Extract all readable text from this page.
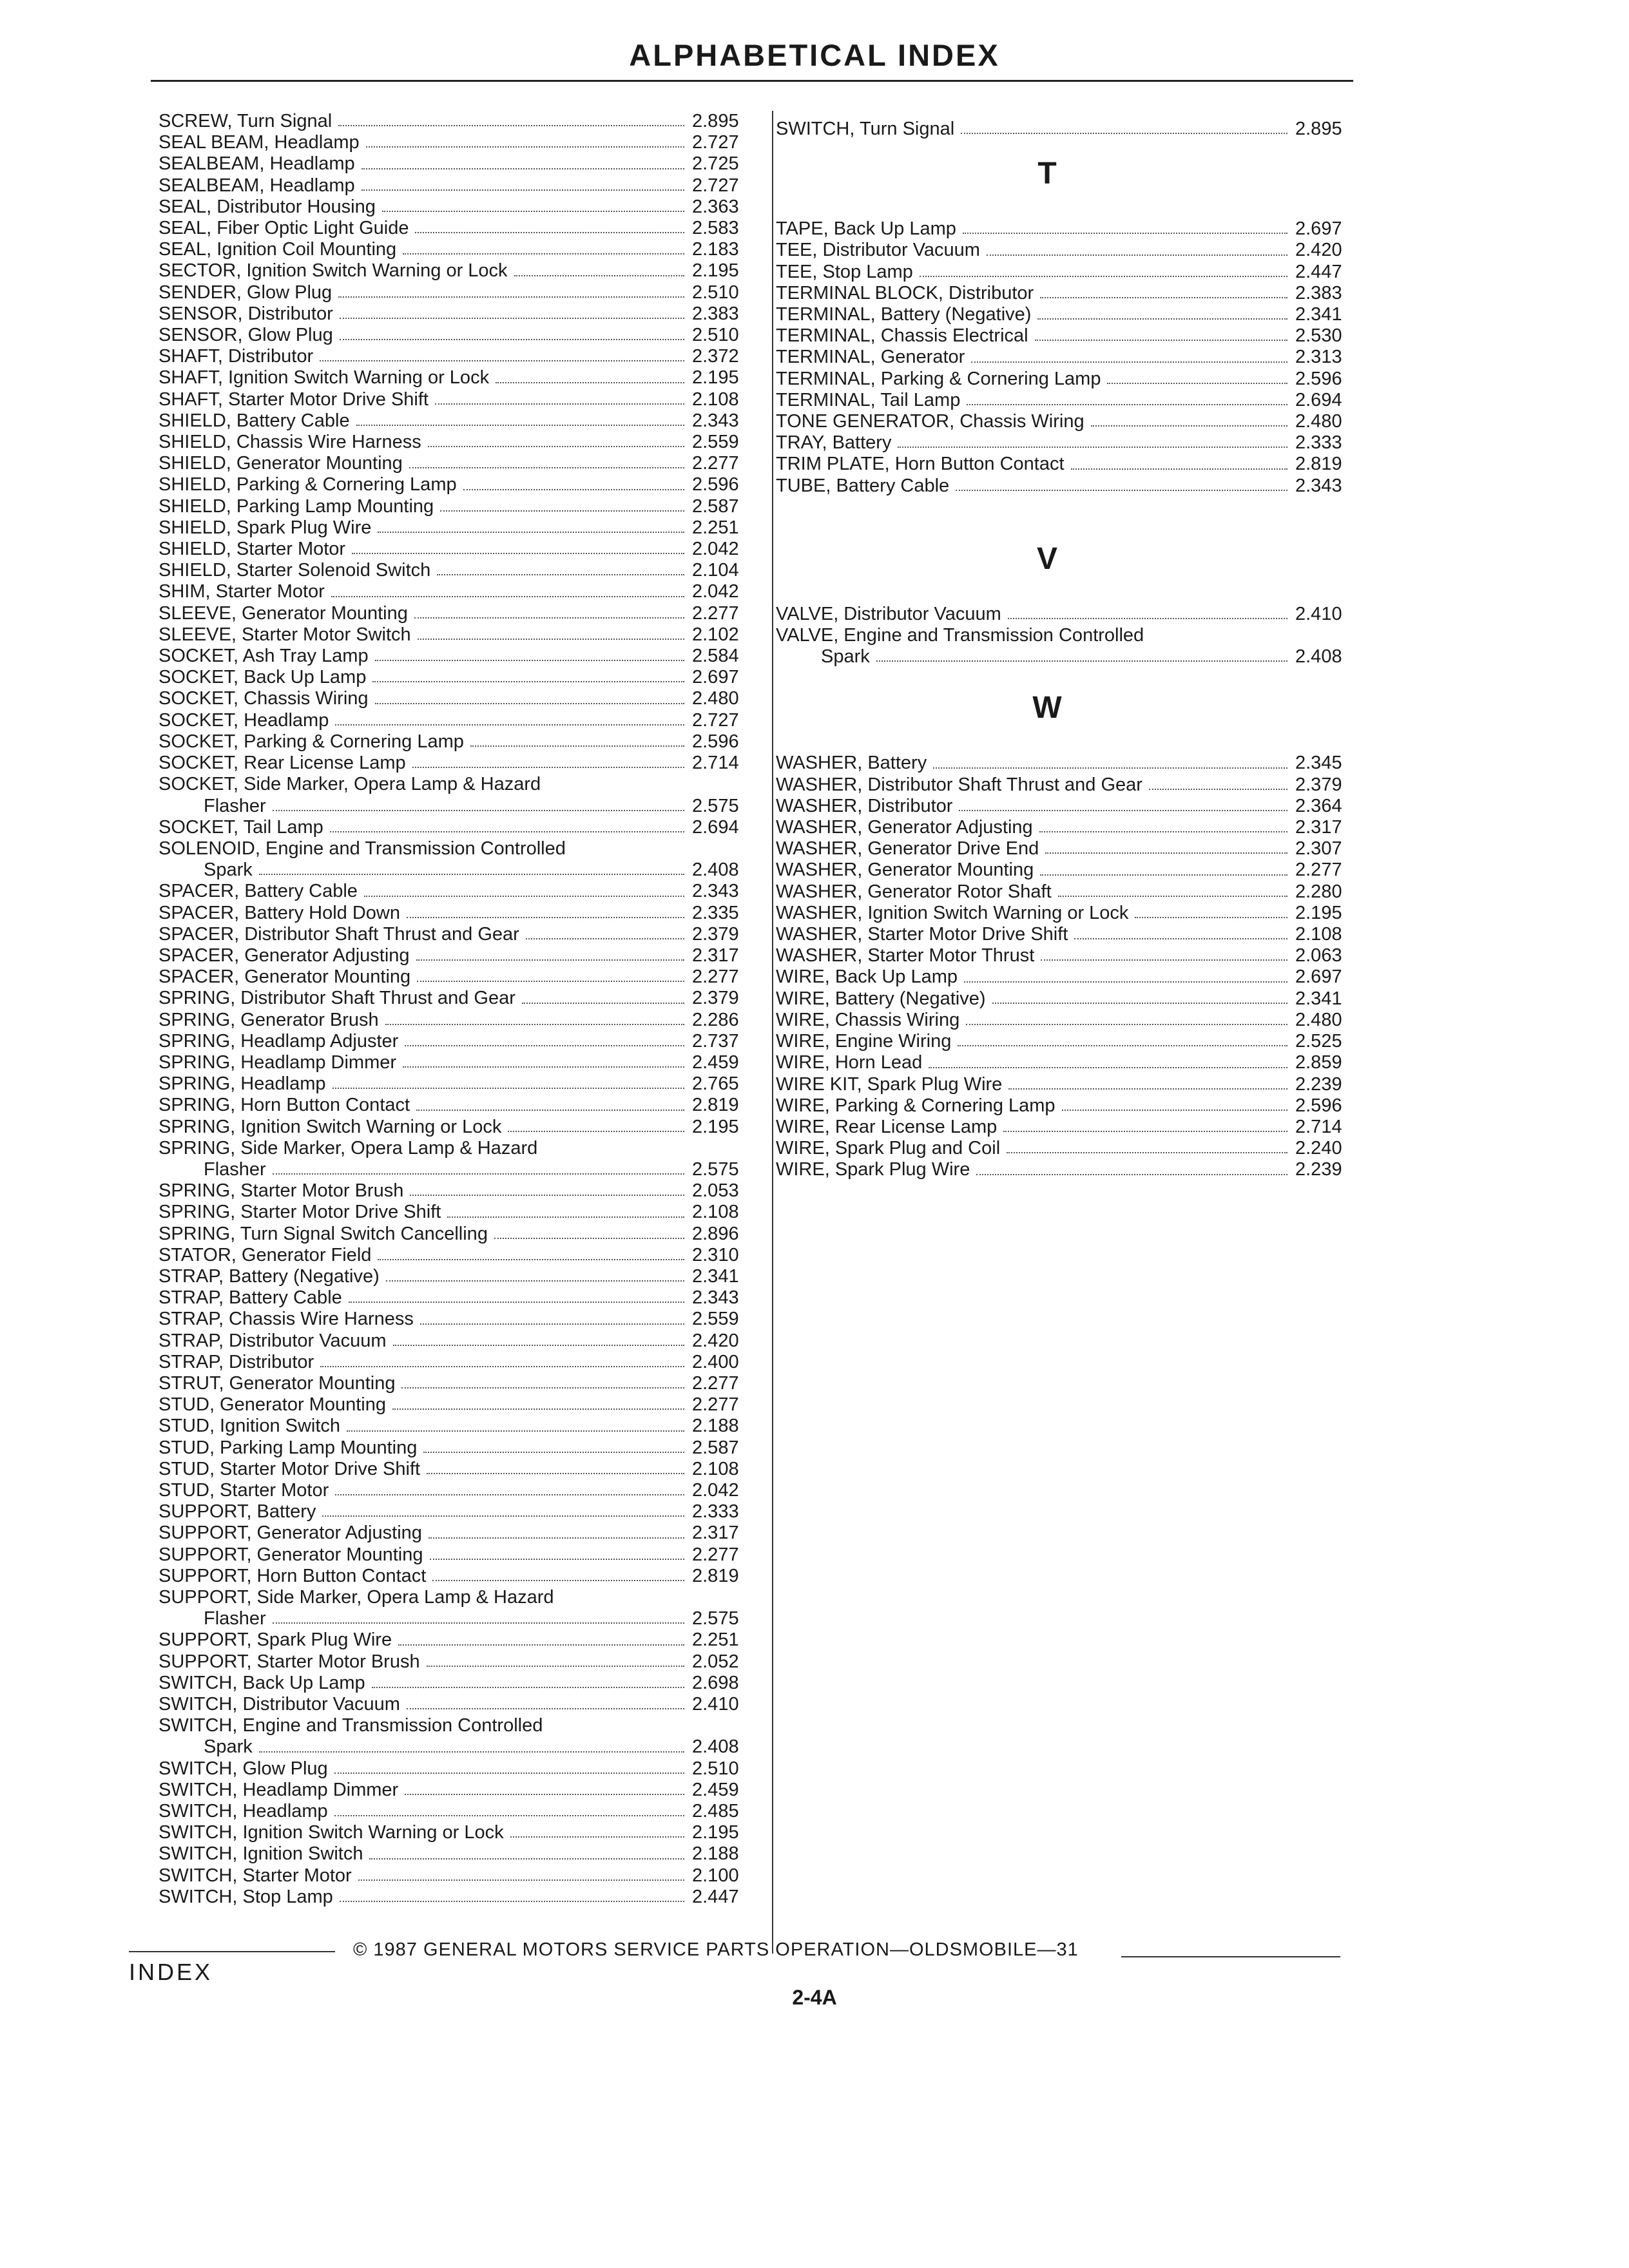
ALPHABETICAL INDEX
SCREW, Turn Signal	2.895
SEAL BEAM, Headlamp	2.727
SEALBEAM, Headlamp	2.725
SEALBEAM, Headlamp	2.727
SEAL, Distributor Housing	2.363
SEAL, Fiber Optic Light Guide	2.583
SEAL, Ignition Coil Mounting	2.183
SECTOR, Ignition Switch Warning or Lock	2.195
SENDER, Glow Plug	2.510
SENSOR, Distributor	2.383
SENSOR, Glow Plug	2.510
SHAFT, Distributor	2.372
SHAFT, Ignition Switch Warning or Lock	2.195
SHAFT, Starter Motor Drive Shift	2.108
SHIELD, Battery Cable	2.343
SHIELD, Chassis Wire Harness	2.559
SHIELD, Generator Mounting	2.277
SHIELD, Parking & Cornering Lamp	2.596
SHIELD, Parking Lamp Mounting	2.587
SHIELD, Spark Plug Wire	2.251
SHIELD, Starter Motor	2.042
SHIELD, Starter Solenoid Switch	2.104
SHIM, Starter Motor	2.042
SLEEVE, Generator Mounting	2.277
SLEEVE, Starter Motor Switch	2.102
SOCKET, Ash Tray Lamp	2.584
SOCKET, Back Up Lamp	2.697
SOCKET, Chassis Wiring	2.480
SOCKET, Headlamp	2.727
SOCKET, Parking & Cornering Lamp	2.596
SOCKET, Rear License Lamp	2.714
SOCKET, Side Marker, Opera Lamp & Hazard
Flasher	2.575
SOCKET, Tail Lamp	2.694
SOLENOID, Engine and Transmission Controlled
Spark	2.408
SPACER, Battery Cable	2.343
SPACER, Battery Hold Down	2.335
SPACER, Distributor Shaft Thrust and Gear	2.379
SPACER, Generator Adjusting	2.317
SPACER, Generator Mounting	2.277
SPRING, Distributor Shaft Thrust and Gear	2.379
SPRING, Generator Brush	2.286
SPRING, Headlamp Adjuster	2.737
SPRING, Headlamp Dimmer	2.459
SPRING, Headlamp	2.765
SPRING, Horn Button Contact	2.819
SPRING, Ignition Switch Warning or Lock	2.195
SPRING, Side Marker, Opera Lamp & Hazard
Flasher	2.575
SPRING, Starter Motor Brush	2.053
SPRING, Starter Motor Drive Shift	2.108
SPRING, Turn Signal Switch Cancelling	2.896
STATOR, Generator Field	2.310
STRAP, Battery (Negative)	2.341
STRAP, Battery Cable	2.343
STRAP, Chassis Wire Harness	2.559
STRAP, Distributor Vacuum	2.420
STRAP, Distributor	2.400
STRUT, Generator Mounting	2.277
STUD, Generator Mounting	2.277
STUD, Ignition Switch	2.188
STUD, Parking Lamp Mounting	2.587
STUD, Starter Motor Drive Shift	2.108
STUD, Starter Motor	2.042
SUPPORT, Battery	2.333
SUPPORT, Generator Adjusting	2.317
SUPPORT, Generator Mounting	2.277
SUPPORT, Horn Button Contact	2.819
SUPPORT, Side Marker, Opera Lamp & Hazard
Flasher	2.575
SUPPORT, Spark Plug Wire	2.251
SUPPORT, Starter Motor Brush	2.052
SWITCH, Back Up Lamp	2.698
SWITCH, Distributor Vacuum	2.410
SWITCH, Engine and Transmission Controlled
Spark	2.408
SWITCH, Glow Plug	2.510
SWITCH, Headlamp Dimmer	2.459
SWITCH, Headlamp	2.485
SWITCH, Ignition Switch Warning or Lock	2.195
SWITCH, Ignition Switch	2.188
SWITCH, Starter Motor	2.100
SWITCH, Stop Lamp	2.447
SWITCH, Turn Signal	2.895
T
TAPE, Back Up Lamp	2.697
TEE, Distributor Vacuum	2.420
TEE, Stop Lamp	2.447
TERMINAL BLOCK, Distributor	2.383
TERMINAL, Battery (Negative)	2.341
TERMINAL, Chassis Electrical	2.530
TERMINAL, Generator	2.313
TERMINAL, Parking & Cornering Lamp	2.596
TERMINAL, Tail Lamp	2.694
TONE GENERATOR, Chassis Wiring	2.480
TRAY, Battery	2.333
TRIM PLATE, Horn Button Contact	2.819
TUBE, Battery Cable	2.343
V
VALVE, Distributor Vacuum	2.410
VALVE, Engine and Transmission Controlled
Spark	2.408
W
WASHER, Battery	2.345
WASHER, Distributor Shaft Thrust and Gear	2.379
WASHER, Distributor	2.364
WASHER, Generator Adjusting	2.317
WASHER, Generator Drive End	2.307
WASHER, Generator Mounting	2.277
WASHER, Generator Rotor Shaft	2.280
WASHER, Ignition Switch Warning or Lock	2.195
WASHER, Starter Motor Drive Shift	2.108
WASHER, Starter Motor Thrust	2.063
WIRE, Back Up Lamp	2.697
WIRE, Battery (Negative)	2.341
WIRE, Chassis Wiring	2.480
WIRE, Engine Wiring	2.525
WIRE, Horn Lead	2.859
WIRE KIT, Spark Plug Wire	2.239
WIRE, Parking & Cornering Lamp	2.596
WIRE, Rear License Lamp	2.714
WIRE, Spark Plug and Coil	2.240
WIRE, Spark Plug Wire	2.239
© 1987 GENERAL MOTORS SERVICE PARTS OPERATION—OLDSMOBILE—31
INDEX
2-4A
